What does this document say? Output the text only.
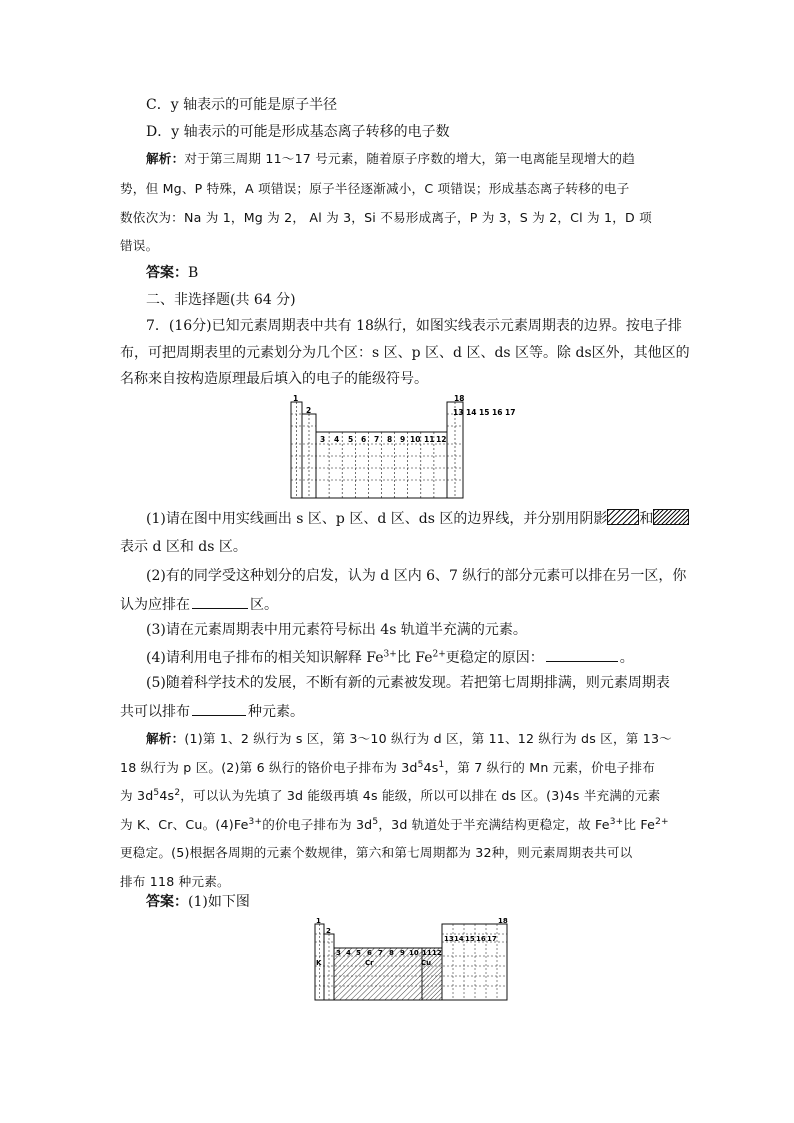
C．y 轴表示的可能是原子半径
D．y 轴表示的可能是形成基态离子转移的电子数
解析：对于第三周期 11～17 号元素，随着原子序数的增大，第一电离能呈现增大的趋
势，但 Mg、P 特殊，A 项错误；原子半径逐渐减小，C 项错误；形成基态离子转移的电子
数依次为：Na 为 1，Mg 为 2， Al 为 3，Si 不易形成离子，P 为 3，S 为 2，Cl 为 1，D 项
错误。
答案：B
二、非选择题(共 64 分)
7．(16分)已知元素周期表中共有 18纵行，如图实线表示元素周期表的边界。按电子排
布，可把周期表里的元素划分为几个区：s 区、p 区、d 区、ds 区等。除 ds区外，其他区的
名称来自按构造原理最后填入的电子的能级符号。
1
2
3 4 5 6 7 8 9 10 11 12
18
13 14 15 16 17
(1)请在图中用实线画出 s 区、p 区、d 区、ds 区的边界线，并分别用阴影 和
表示 d 区和 ds 区。
(2)有的同学受这种划分的启发，认为 d 区内 6、7 纵行的部分元素可以排在另一区，你
认为应排在	区。
(3)请在元素周期表中用元素符号标出 4s 轨道半充满的元素。
(4)请利用电子排布的相关知识解释 $Fe^{3+}$比 $Fe^{2+}$更稳定的原因：	。
(5)随着科学技术的发展，不断有新的元素被发现。若把第七周期排满，则元素周期表
共可以排布	种元素。
解析：(1)第 1、2 纵行为 s 区，第 3～10 纵行为 d 区，第 11、12 纵行为 ds 区，第 13～
18 纵行为 p 区。(2)第 6 纵行的铬价电子排布为 $3d^54s^1$，第 7 纵行的 Mn 元素，价电子排布
为 $3d^54s^2$，可以认为先填了 3d 能级再填 4s 能级，所以可以排在 ds 区。(3)4s 半充满的元素
为 K、Cr、Cu。$(4)Fe^{3+}$的价电子排布为 $3d^5$，3d 轨道处于半充满结构更稳定，故 $Fe^{3+}$比 $Fe^{2+}$
更稳定。(5)根据各周期的元素个数规律，第六和第七周期都为 32种，则元素周期表共可以
排布 118 种元素。
答案：(1)如下图
1
2
3 4 5 6 7 8 9 10 11 12
13 14 15 16 17
18
K	Cr	Cu
